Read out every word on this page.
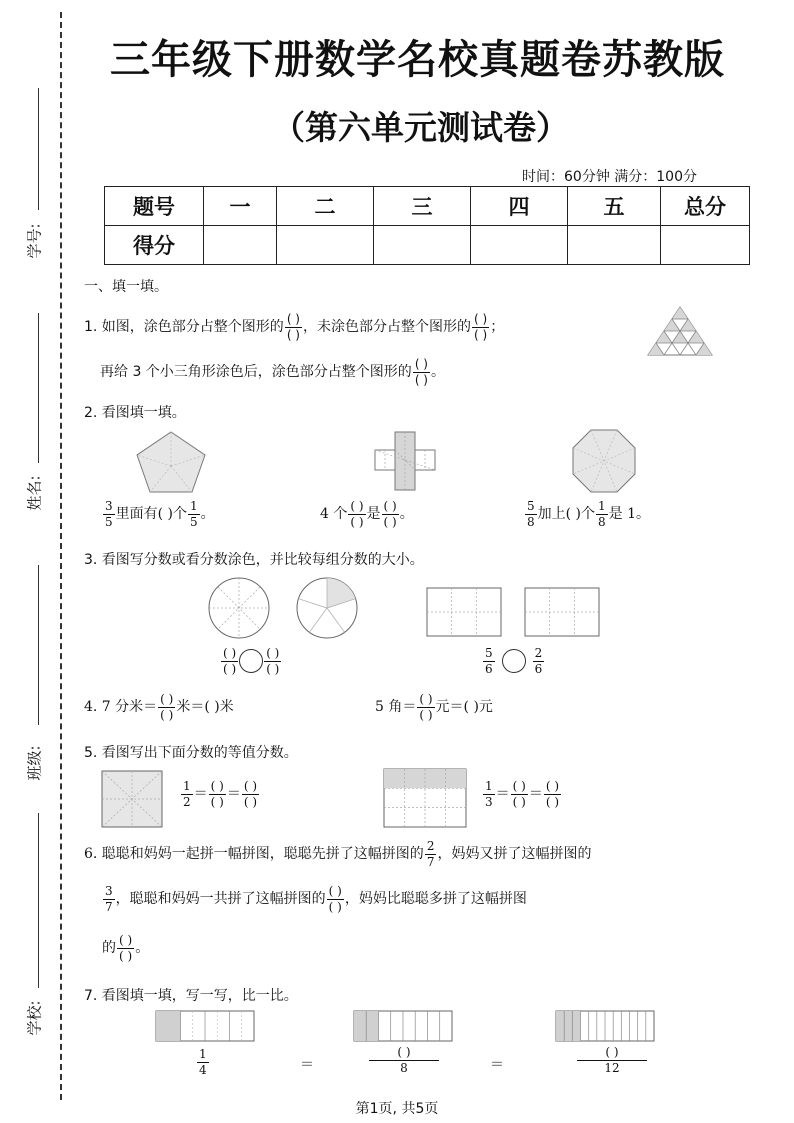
学号:
姓名:
班级:
学校:
三年级下册数学名校真题卷苏教版
（第六单元测试卷）
时间：60分钟 满分：100分
题号	一	二	三	四	五	总分
得分						
一、填一填。
1. 如图，涂色部分占整个图形的 $\frac{( )}{( )}$ ，未涂色部分占整个图形的 $\frac{( )}{( )}$ ；
再给 3 个小三角形涂色后，涂色部分占整个图形的 $\frac{( )}{( )}$ 。
2. 看图填一填。
$\frac{3}{5}$ 里面有( )个 $\frac{1}{5}$ 。	4 个 $\frac{( )}{( )}$ 是 $\frac{( )}{( )}$ 。	$\frac{5}{8}$ 加上( )个 $\frac{1}{8}$ 是 1。
3. 看图写分数或看分数涂色，并比较每组分数的大小。
$\frac{( )}{( )} \frac{( )}{( )}$	$\frac{5}{6}$	$\frac{2}{6}$
4. 7 分米＝ $\frac{( )}{( )}$ 米＝( )米	5 角＝ $\frac{( )}{( )}$ 元＝( )元
5. 看图写出下面分数的等值分数。
$\frac{1}{2} = \frac{( )}{( )} = \frac{( )}{( )}$	$\frac{1}{3} = \frac{( )}{( )} = \frac{( )}{( )}$
6. 聪聪和妈妈一起拼一幅拼图，聪聪先拼了这幅拼图的 $\frac{2}{7}$ ，妈妈又拼了这幅拼图的
$\frac{3}{7}$ ，聪聪和妈妈一共拼了这幅拼图的 $\frac{( )}{( )}$ ，妈妈比聪聪多拼了这幅拼图
的 $\frac{( )}{( )}$ 。
7. 看图填一填，写一写，比一比。
$\frac{1}{4}$	＝	$\frac{( )}{8}$	＝	$\frac{( )}{12}$
第1页, 共5页
